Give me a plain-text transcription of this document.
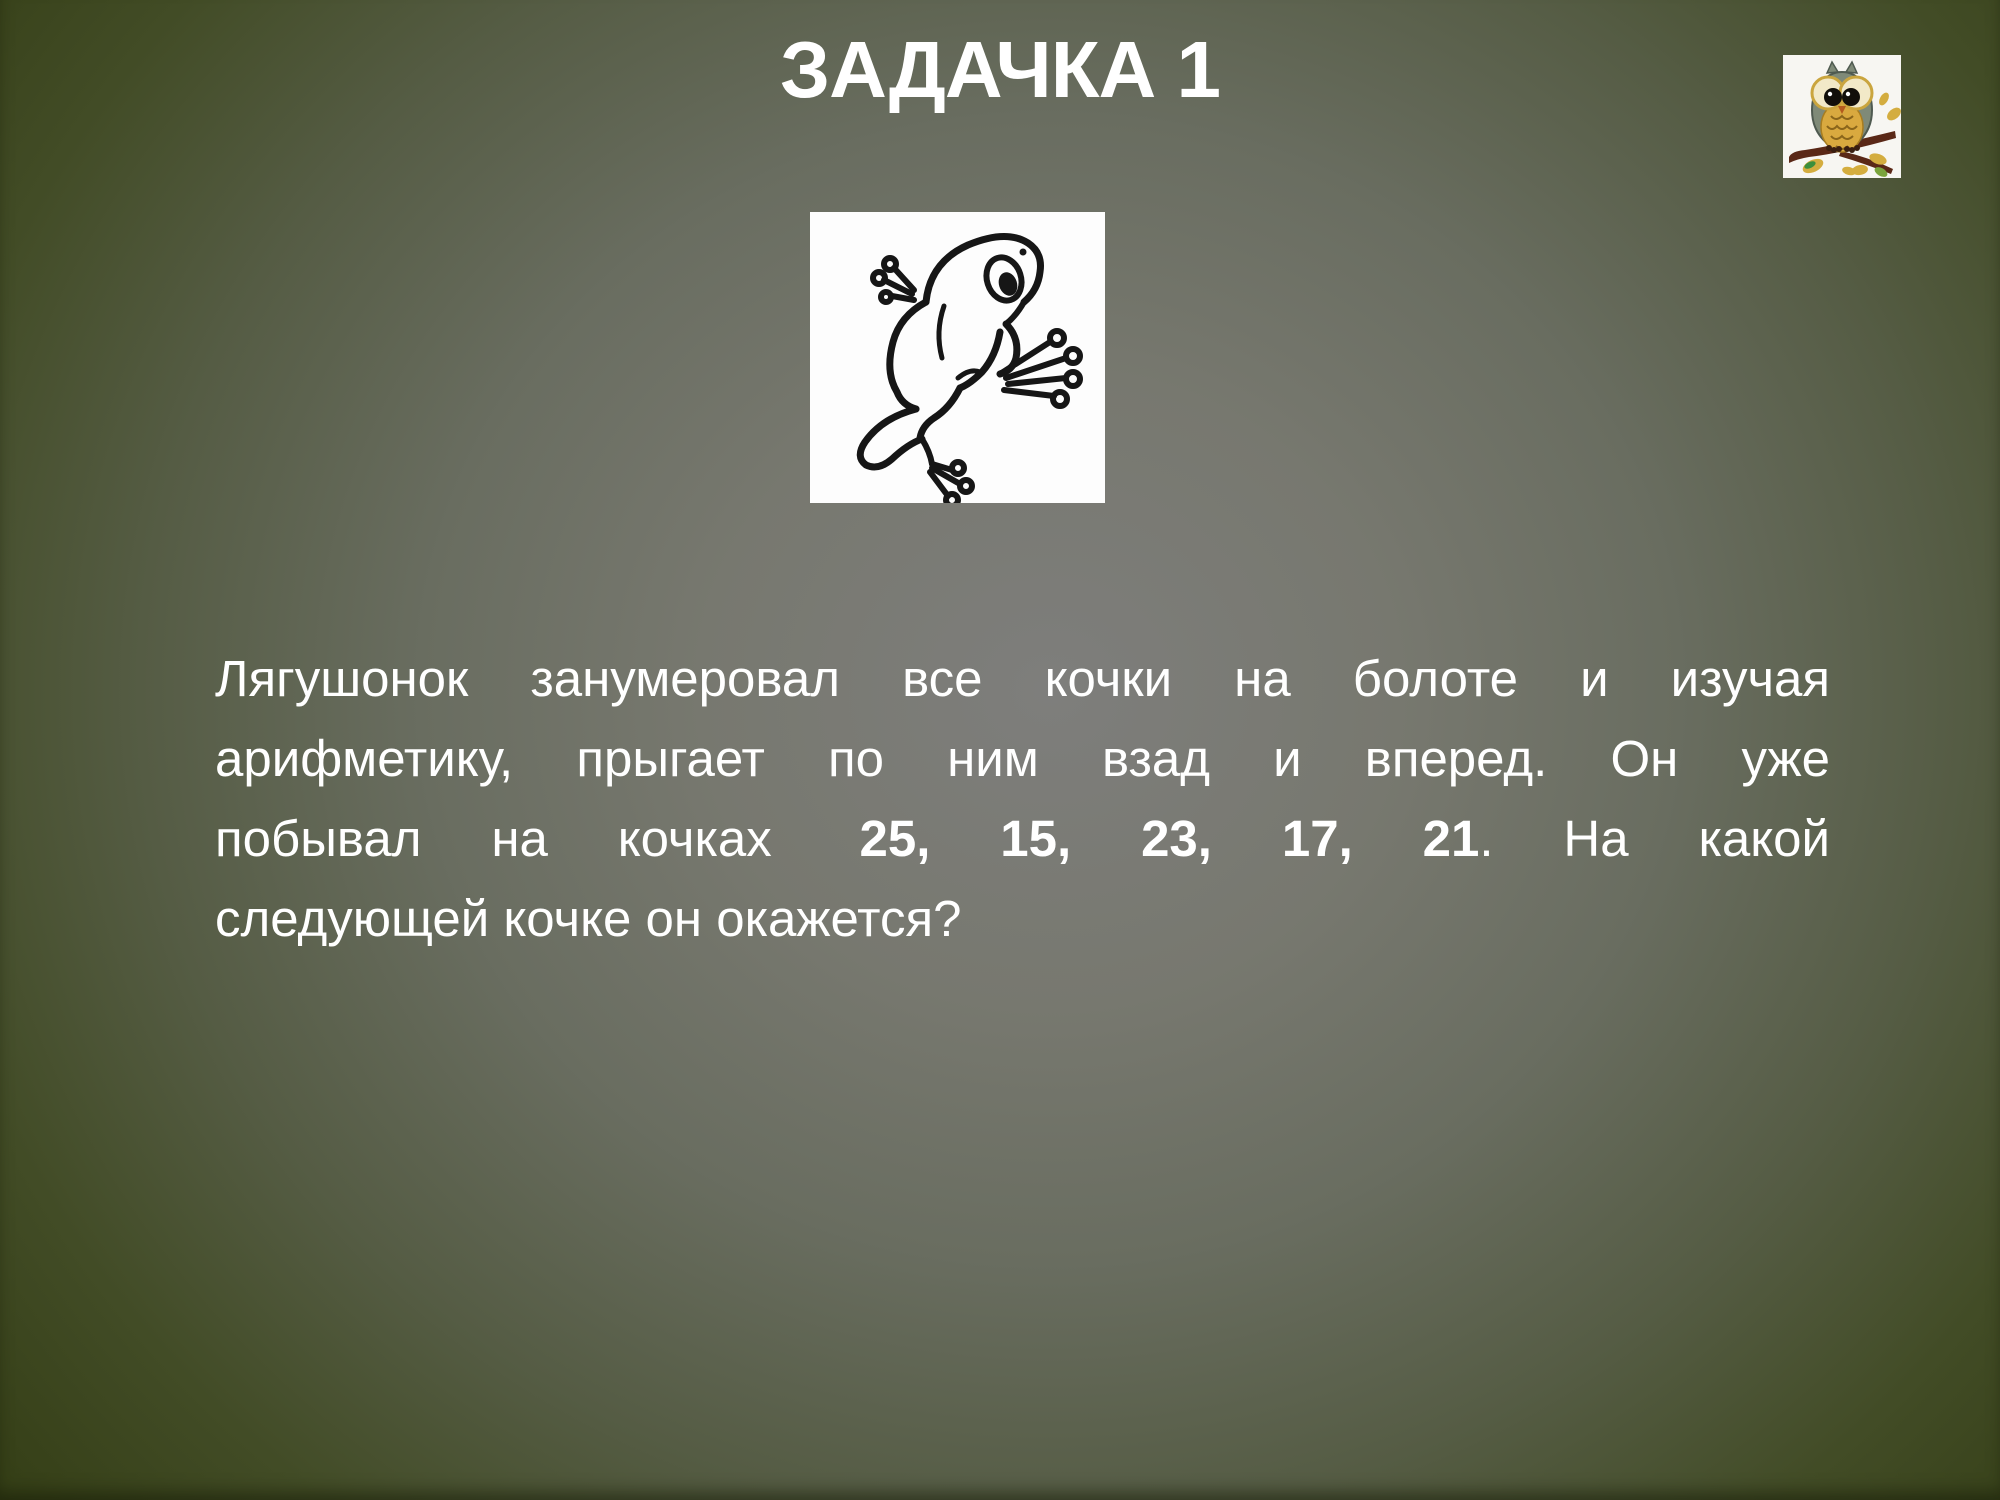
ЗАДАЧКА 1
Лягушонок занумеровал все кочки на болоте и изучая
арифметику, прыгает по ним взад и вперед. Он уже
побывал на кочках 25, 15, 23, 17, 21. На какой
следующей кочке он окажется?
